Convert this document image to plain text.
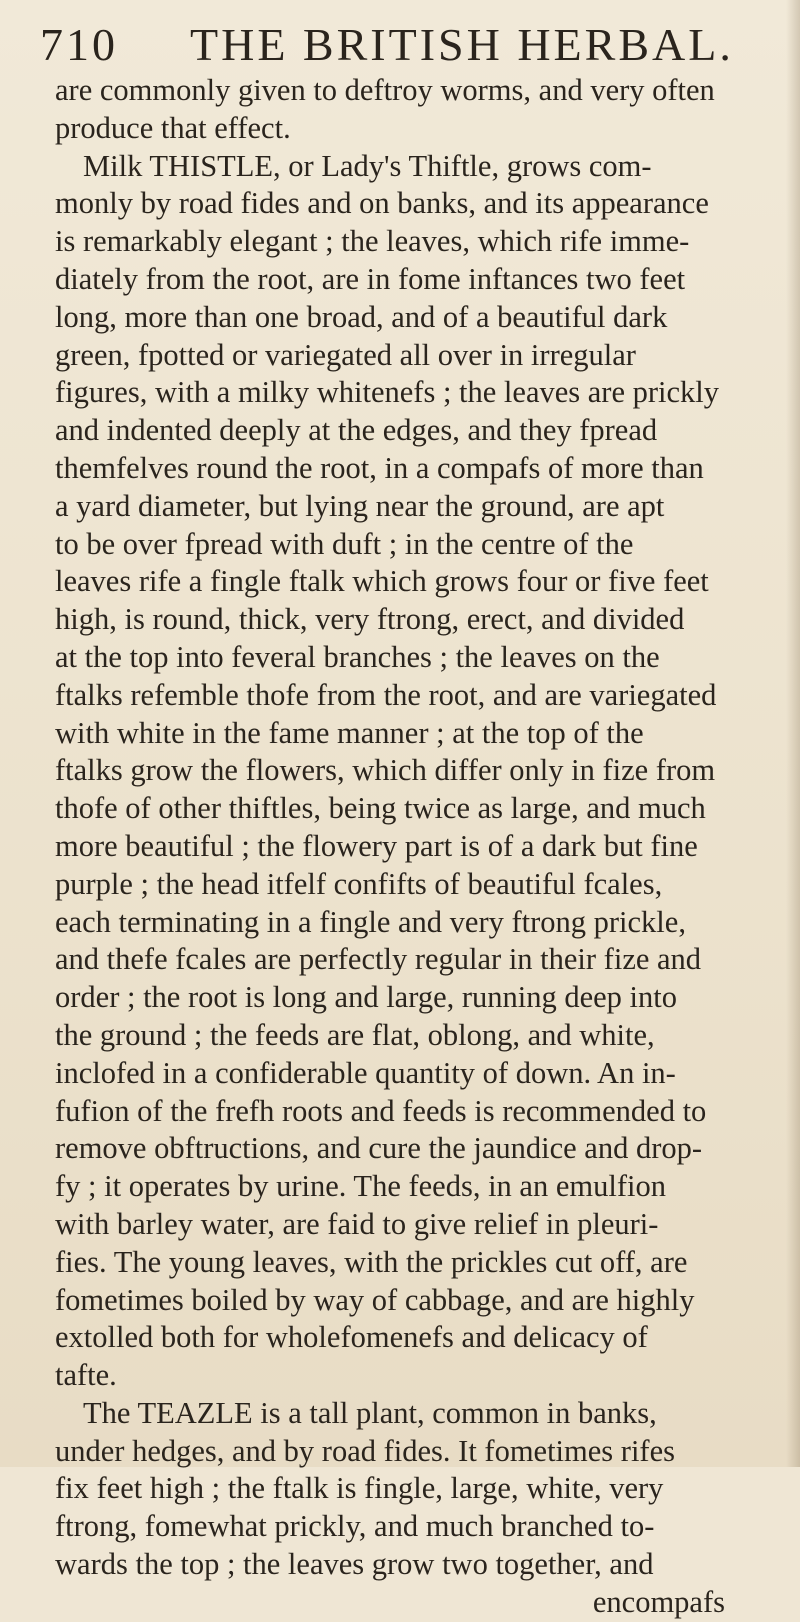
710 THE BRITISH HERBAL.
are commonly given to deftroy worms, and very often
produce that effect.
Milk THISTLE, or Lady's Thiftle, grows com-
monly by road fides and on banks, and its appearance
is remarkably elegant ; the leaves, which rife imme-
diately from the root, are in fome inftances two feet
long, more than one broad, and of a beautiful dark
green, fpotted or variegated all over in irregular
figures, with a milky whitenefs ; the leaves are prickly
and indented deeply at the edges, and they fpread
themfelves round the root, in a compafs of more than
a yard diameter, but lying near the ground, are apt
to be over fpread with duft ; in the centre of the
leaves rife a fingle ftalk which grows four or five feet
high, is round, thick, very ftrong, erect, and divided
at the top into feveral branches ; the leaves on the
ftalks refemble thofe from the root, and are variegated
with white in the fame manner ; at the top of the
ftalks grow the flowers, which differ only in fize from
thofe of other thiftles, being twice as large, and much
more beautiful ; the flowery part is of a dark but fine
purple ; the head itfelf confifts of beautiful fcales,
each terminating in a fingle and very ftrong prickle,
and thefe fcales are perfectly regular in their fize and
order ; the root is long and large, running deep into
the ground ; the feeds are flat, oblong, and white,
inclofed in a confiderable quantity of down. An in-
fufion of the frefh roots and feeds is recommended to
remove obftructions, and cure the jaundice and drop-
fy ; it operates by urine. The feeds, in an emulfion
with barley water, are faid to give relief in pleuri-
fies. The young leaves, with the prickles cut off, are
fometimes boiled by way of cabbage, and are highly
extolled both for wholefomenefs and delicacy of
tafte.
The TEAZLE is a tall plant, common in banks,
under hedges, and by road fides. It fometimes rifes
fix feet high ; the ftalk is fingle, large, white, very
ftrong, fomewhat prickly, and much branched to-
wards the top ; the leaves grow two together, and
encompafs
